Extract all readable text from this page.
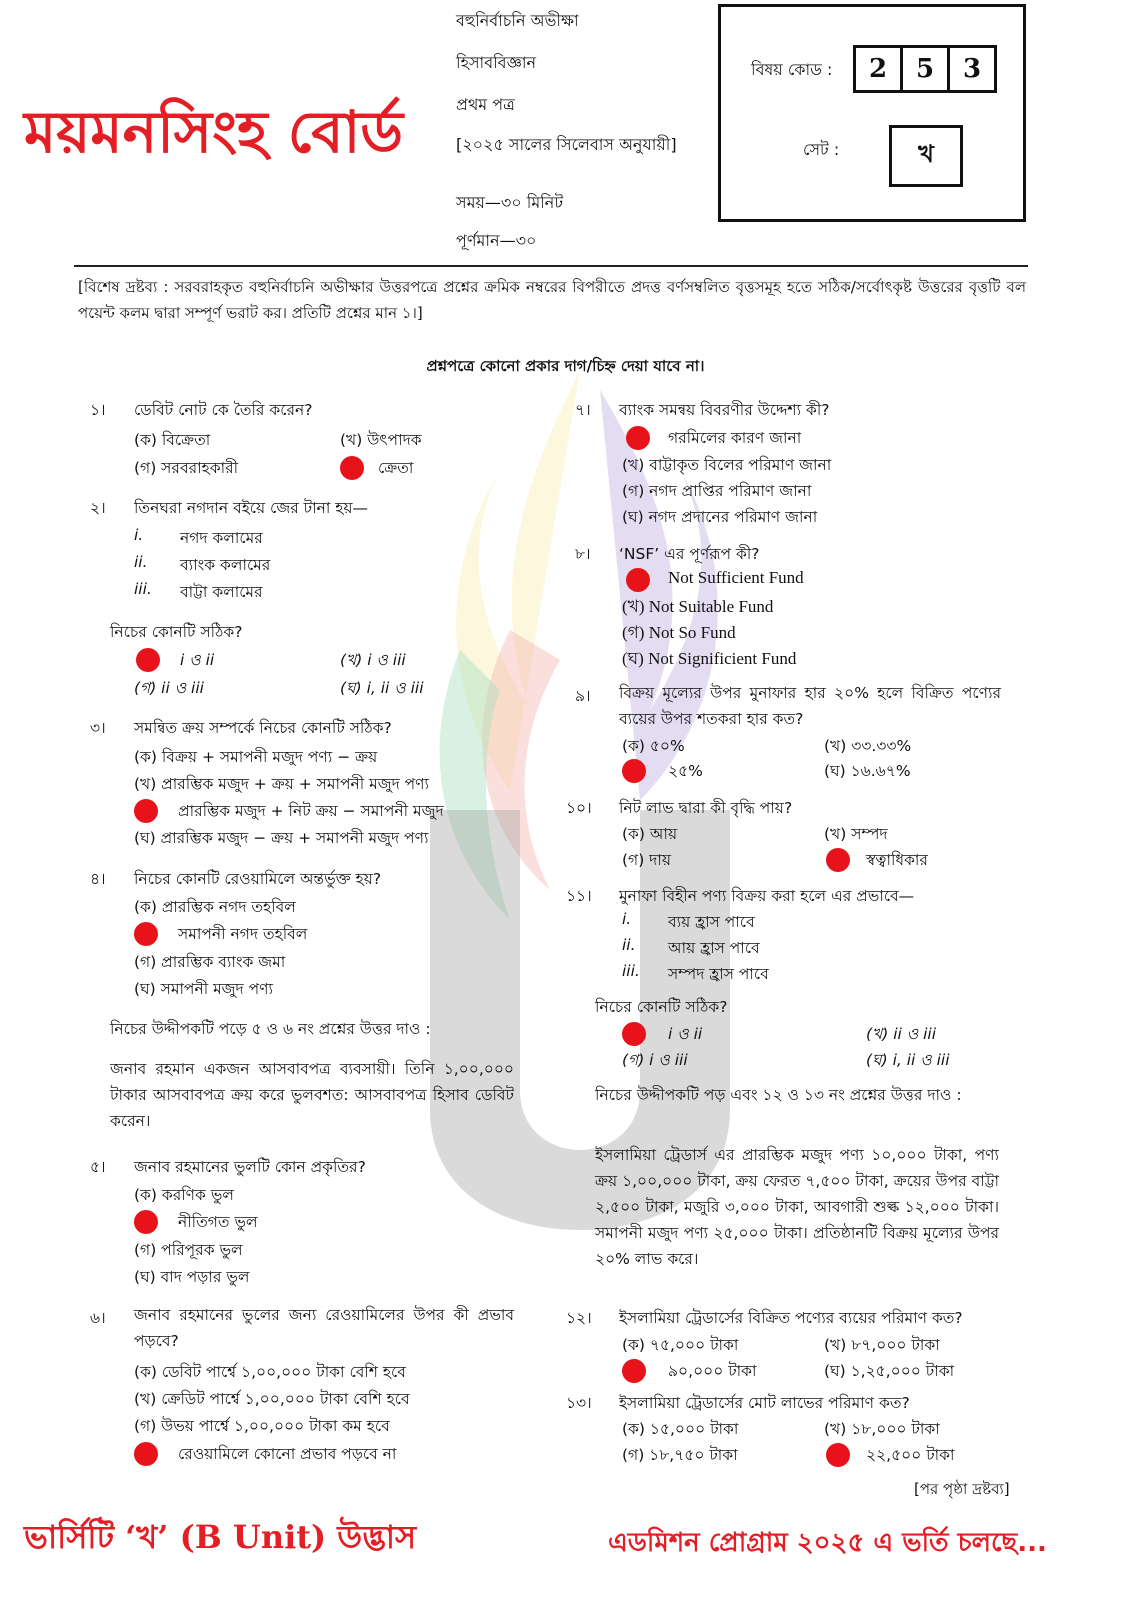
ময়মনসিংহ বোর্ড
বহুনির্বাচনি অভীক্ষা
হিসাববিজ্ঞান
প্রথম পত্র
[২০২৫ সালের সিলেবাস অনুযায়ী]
সময়—৩০ মিনিট
পূর্ণমান—৩০
বিষয় কোড :	2	5	3
সেট :	খ
[বিশেষ দ্রষ্টব্য : সরবরাহকৃত বহুনির্বাচনি অভীক্ষার উত্তরপত্রে প্রশ্নের ক্রমিক নম্বরের বিপরীতে প্রদত্ত বর্ণসম্বলিত বৃত্তসমূহ হতে সঠিক/সর্বোৎকৃষ্ট উত্তরের বৃত্তটি বল পয়েন্ট কলম দ্বারা সম্পূর্ণ ভরাট কর। প্রতিটি প্রশ্নের মান ১।]
প্রশ্নপত্রে কোনো প্রকার দাগ/চিহ্ন দেয়া যাবে না।
১। ডেবিট নোট কে তৈরি করেন?
(ক) বিক্রেতা	(খ) উৎপাদক
(গ) সরবরাহকারী	ক্রেতা
২। তিনঘরা নগদান বইয়ে জের টানা হয়—
i. নগদ কলামের
ii. ব্যাংক কলামের
iii. বাট্টা কলামের
নিচের কোনটি সঠিক?
i ও ii	(খ) i ও iii
(গ) ii ও iii	(ঘ) i, ii ও iii
৩। সমন্বিত ক্রয় সম্পর্কে নিচের কোনটি সঠিক?
(ক) বিক্রয় + সমাপনী মজুদ পণ্য − ক্রয়
(খ) প্রারম্ভিক মজুদ + ক্রয় + সমাপনী মজুদ পণ্য
প্রারম্ভিক মজুদ + নিট ক্রয় − সমাপনী মজুদ
(ঘ) প্রারম্ভিক মজুদ − ক্রয় + সমাপনী মজুদ পণ্য
৪। নিচের কোনটি রেওয়ামিলে অন্তর্ভুক্ত হয়?
(ক) প্রারম্ভিক নগদ তহবিল
সমাপনী নগদ তহবিল
(গ) প্রারম্ভিক ব্যাংক জমা
(ঘ) সমাপনী মজুদ পণ্য
নিচের উদ্দীপকটি পড়ে ৫ ও ৬ নং প্রশ্নের উত্তর দাও :
জনাব রহমান একজন আসবাবপত্র ব্যবসায়ী। তিনি ১,০০,০০০ টাকার আসবাবপত্র ক্রয় করে ভুলবশত: আসবাবপত্র হিসাব ডেবিট করেন।
৫। জনাব রহমানের ভুলটি কোন প্রকৃতির?
(ক) করণিক ভুল
নীতিগত ভুল
(গ) পরিপূরক ভুল
(ঘ) বাদ পড়ার ভুল
৬। জনাব রহমানের ভুলের জন্য রেওয়ামিলের উপর কী প্রভাব পড়বে?
(ক) ডেবিট পার্শ্বে ১,০০,০০০ টাকা বেশি হবে
(খ) ক্রেডিট পার্শ্বে ১,০০,০০০ টাকা বেশি হবে
(গ) উভয় পার্শ্বে ১,০০,০০০ টাকা কম হবে
রেওয়ামিলে কোনো প্রভাব পড়বে না
৭। ব্যাংক সমন্বয় বিবরণীর উদ্দেশ্য কী?
গরমিলের কারণ জানা
(খ) বাট্টাকৃত বিলের পরিমাণ জানা
(গ) নগদ প্রাপ্তির পরিমাণ জানা
(ঘ) নগদ প্রদানের পরিমাণ জানা
৮। ‘NSF’ এর পূর্ণরূপ কী?
Not Sufficient Fund
(খ) Not Suitable Fund
(গ) Not So Fund
(ঘ) Not Significient Fund
৯। বিক্রয় মূল্যের উপর মুনাফার হার ২০% হলে বিক্রিত পণ্যের ব্যয়ের উপর শতকরা হার কত?
(ক) ৫০%	(খ) ৩৩.৩৩%
২৫%	(ঘ) ১৬.৬৭%
১০। নিট লাভ দ্বারা কী বৃদ্ধি পায়?
(ক) আয়	(খ) সম্পদ
(গ) দায়	স্বত্বাধিকার
১১। মুনাফা বিহীন পণ্য বিক্রয় করা হলে এর প্রভাবে—
i. ব্যয় হ্রাস পাবে
ii. আয় হ্রাস পাবে
iii. সম্পদ হ্রাস পাবে
নিচের কোনটি সঠিক?
i ও ii	(খ) ii ও iii
(গ) i ও iii	(ঘ) i, ii ও iii
নিচের উদ্দীপকটি পড় এবং ১২ ও ১৩ নং প্রশ্নের উত্তর দাও :
ইসলামিয়া ট্রেডার্স এর প্রারম্ভিক মজুদ পণ্য ১০,০০০ টাকা, পণ্য ক্রয় ১,০০,০০০ টাকা, ক্রয় ফেরত ৭,৫০০ টাকা, ক্রয়ের উপর বাট্টা ২,৫০০ টাকা, মজুরি ৩,০০০ টাকা, আবগারী শুল্ক ১২,০০০ টাকা। সমাপনী মজুদ পণ্য ২৫,০০০ টাকা। প্রতিষ্ঠানটি বিক্রয় মূল্যের উপর ২০% লাভ করে।
১২। ইসলামিয়া ট্রেডার্সের বিক্রিত পণ্যের ব্যয়ের পরিমাণ কত?
(ক) ৭৫,০০০ টাকা	(খ) ৮৭,০০০ টাকা
৯০,০০০ টাকা	(ঘ) ১,২৫,০০০ টাকা
১৩। ইসলামিয়া ট্রেডার্সের মোট লাভের পরিমাণ কত?
(ক) ১৫,০০০ টাকা	(খ) ১৮,০০০ টাকা
(গ) ১৮,৭৫০ টাকা	২২,৫০০ টাকা
[পর পৃষ্ঠা দ্রষ্টব্য]
ভার্সিটি ‘খ’ (B Unit) উদ্ভাস	এডমিশন প্রোগ্রাম ২০২৫ এ ভর্তি চলছে...
